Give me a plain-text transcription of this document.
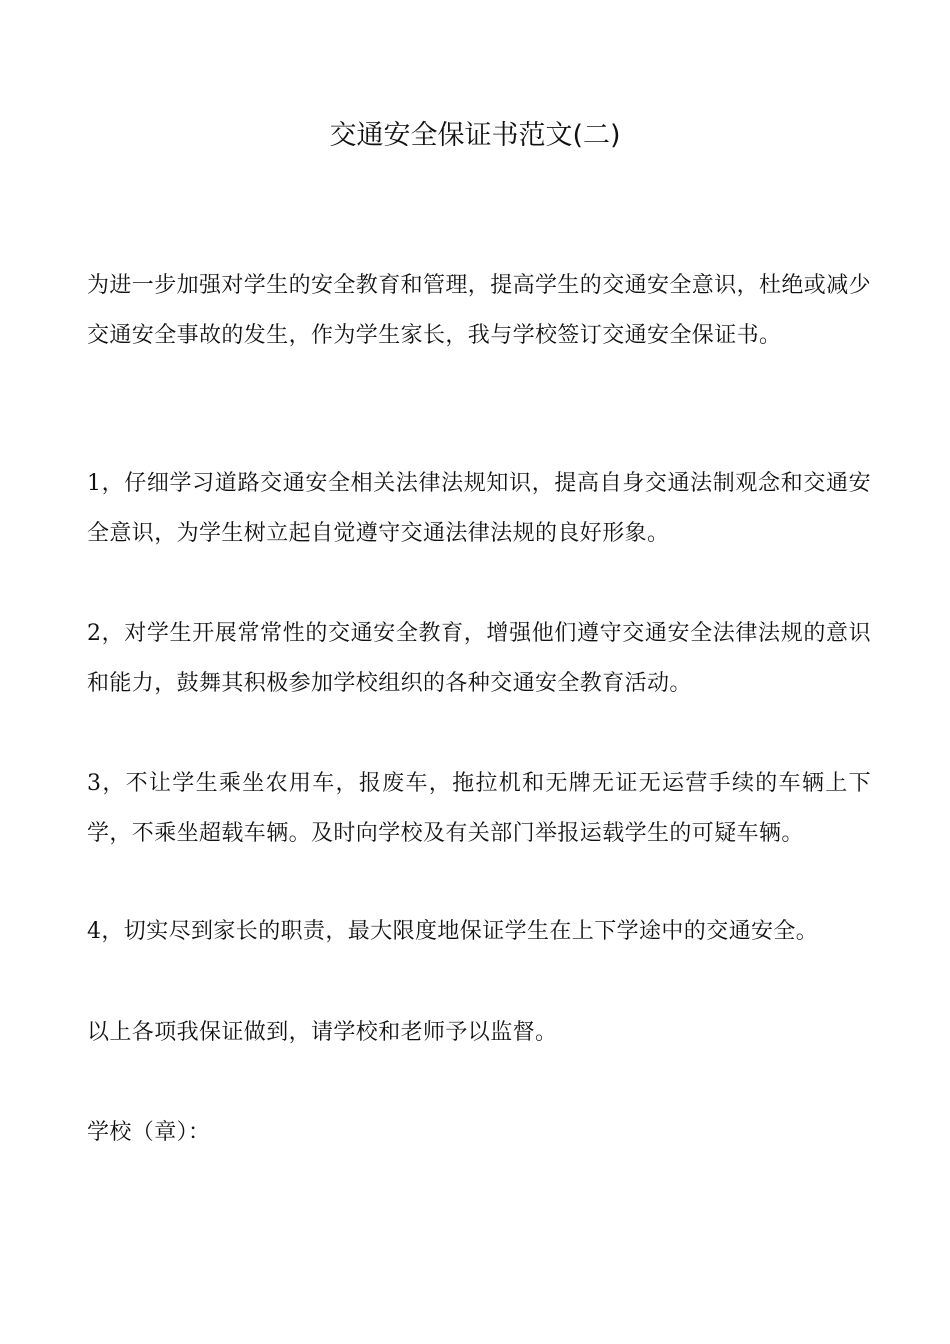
交通安全保证书范文(二)

为进一步加强对学生的安全教育和管理，提高学生的交通安全意识，杜绝或减少交通安全事故的发生，作为学生家长，我与学校签订交通安全保证书。

1，仔细学习道路交通安全相关法律法规知识，提高自身交通法制观念和交通安全意识，为学生树立起自觉遵守交通法律法规的良好形象。

2，对学生开展常常性的交通安全教育，增强他们遵守交通安全法律法规的意识和能力，鼓舞其积极参加学校组织的各种交通安全教育活动。

3，不让学生乘坐农用车，报废车，拖拉机和无牌无证无运营手续的车辆上下学，不乘坐超载车辆。及时向学校及有关部门举报运载学生的可疑车辆。

4，切实尽到家长的职责，最大限度地保证学生在上下学途中的交通安全。

以上各项我保证做到，请学校和老师予以监督。

学校（章）：
